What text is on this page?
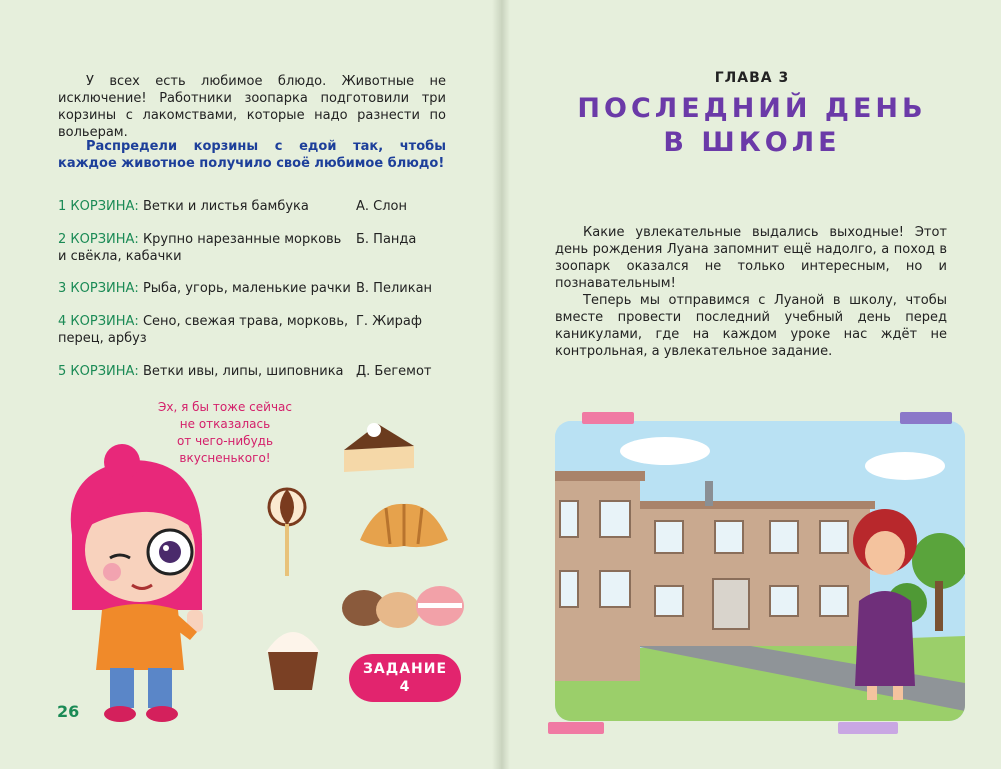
У всех есть любимое блюдо. Животные не исключение! Работники зоопарка подготовили три корзины с лакомствами, которые надо разнести по вольерам.

Распредели корзины с едой так, чтобы каждое животное получило своё любимое блюдо!
1 КОРЗИНА: Ветки и листья бамбука
2 КОРЗИНА: Крупно нарезанные морковь
и свёкла, кабачки
3 КОРЗИНА: Рыба, угорь, маленькие рачки
4 КОРЗИНА: Сено, свежая трава, морковь,
перец, арбуз
5 КОРЗИНА: Ветки ивы, липы, шиповника
А. Слон
Б. Панда
В. Пеликан
Г. Жираф
Д. Бегемот
Эх, я бы тоже сейчас
не отказалась
от чего-нибудь
вкусненького!
ЗАДАНИЕ
4
26
ГЛАВА 3
ПОСЛЕДНИЙ ДЕНЬ
В ШКОЛЕ

Какие увлекательные выдались выходные! Этот день рождения Луана запомнит ещё надолго, а поход в зоопарк оказался не только интересным, но и познавательным!

Теперь мы отправимся с Луаной в школу, чтобы вместе провести последний учебный день перед каникулами, где на каждом уроке нас ждёт не контрольная, а увлекательное задание.
